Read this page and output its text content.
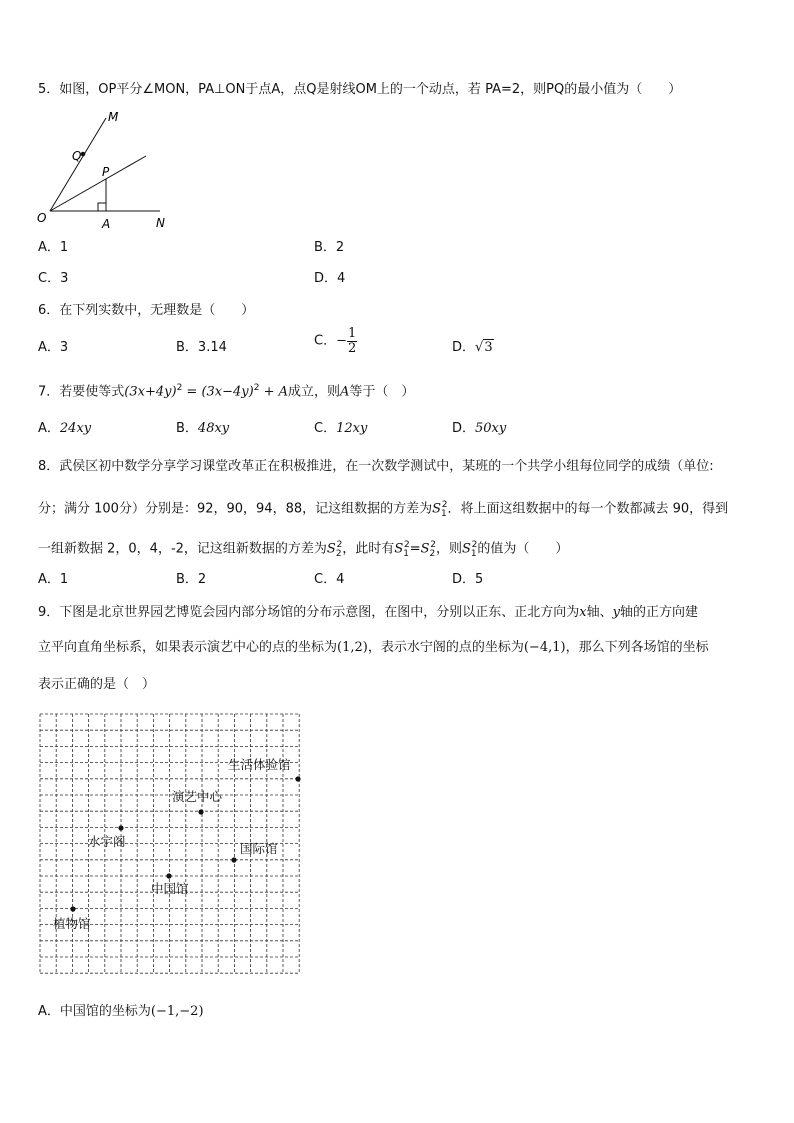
5．如图，OP平分∠MON，PA⊥ON于点A，点Q是射线OM上的一个动点，若 PA=2，则PQ的最小值为（　　）
M
Q
P
O	A	N
A．1	B．2
C．3	D．4
6．在下列实数中，无理数是（　　）
A．3	B．3.14	C．− $\frac{1}{2}$	D．√3
7．若要使等式$(3x+4y)^2 = (3x-4y)^2 + A$成立，则A等于（　）
A．24xy	B．48xy	C．12xy	D．50xy
8．武侯区初中数学分享学习课堂改革正在积极推进，在一次数学测试中，某班的一个共学小组每位同学的成绩（单位:
分；满分 100分）分别是：92，90，94，88，记这组数据的方差为$S_1^2$．将上面这组数据中的每一个数都减去 90，得到
一组新数据 2，0，4，-2，记这组新数据的方差为$S_2^2$，此时有$S_1^2=S_2^2$，则$S_1^2$的值为（　　）
A．1	B．2	C．4	D．5
9．下图是北京世界园艺博览会园内部分场馆的分布示意图，在图中，分别以正东、正北方向为x轴、y轴的正方向建
立平向直角坐标系，如果表示演艺中心的点的坐标为(1,2)，表示水宁阁的点的坐标为(−4,1)，那么下列各场馆的坐标
表示正确的是（　）
生活体验馆
演艺中心
水宇阁	国际馆
中国馆
植物馆
A．中国馆的坐标为(−1,−2)
